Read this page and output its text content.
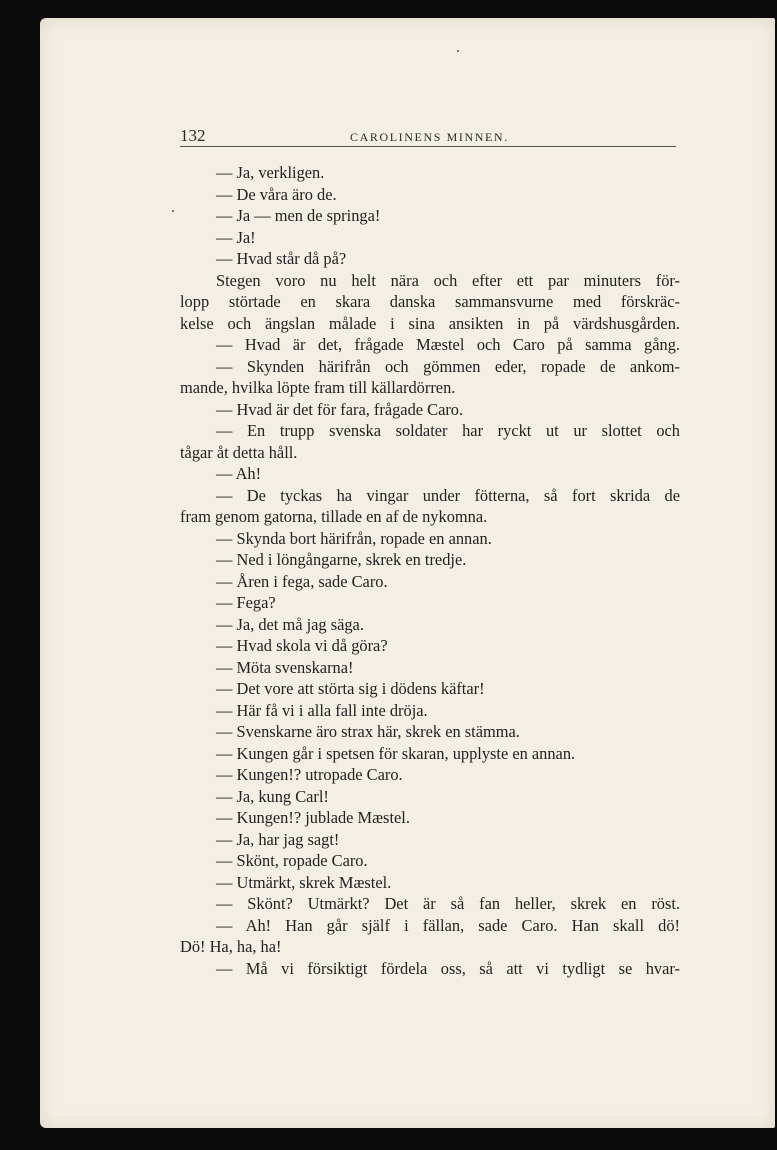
132	CAROLINENS MINNEN.
— Ja, verkligen.
— De våra äro de.
— Ja — men de springa!
— Ja!
— Hvad står då på?
Stegen voro nu helt nära och efter ett par minuters för-
lopp störtade en skara danska sammansvurne med förskräc-
kelse och ängslan målade i sina ansikten in på värdshusgården.
— Hvad är det, frågade Mæstel och Caro på samma gång.
— Skynden härifrån och gömmen eder, ropade de ankom-
mande, hvilka löpte fram till källardörren.
— Hvad är det för fara, frågade Caro.
— En trupp svenska soldater har ryckt ut ur slottet och
tågar åt detta håll.
— Ah!
— De tyckas ha vingar under fötterna, så fort skrida de
fram genom gatorna, tillade en af de nykomna.
— Skynda bort härifrån, ropade en annan.
— Ned i löngångarne, skrek en tredje.
— Åren i fega, sade Caro.
— Fega?
— Ja, det må jag säga.
— Hvad skola vi då göra?
— Möta svenskarna!
— Det vore att störta sig i dödens käftar!
— Här få vi i alla fall inte dröja.
— Svenskarne äro strax här, skrek en stämma.
— Kungen går i spetsen för skaran, upplyste en annan.
— Kungen!? utropade Caro.
— Ja, kung Carl!
— Kungen!? jublade Mæstel.
— Ja, har jag sagt!
— Skönt, ropade Caro.
— Utmärkt, skrek Mæstel.
— Skönt? Utmärkt? Det är så fan heller, skrek en röst.
— Ah! Han går själf i fällan, sade Caro. Han skall dö!
Dö! Ha, ha, ha!
— Må vi försiktigt fördela oss, så att vi tydligt se hvar-
